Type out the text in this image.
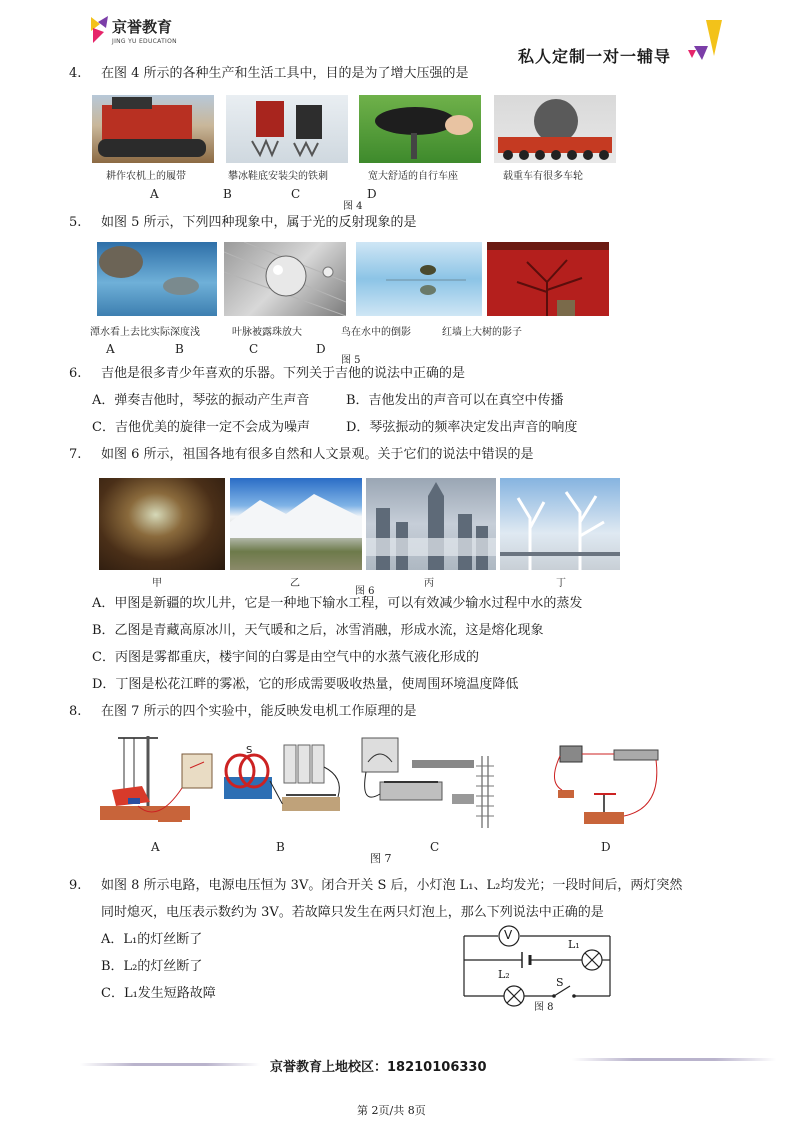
京誉教育
JING YU EDUCATION
私人定制一对一辅导
4. 在图 4 所示的各种生产和生活工具中，目的是为了增大压强的是
耕作农机上的履带	攀冰鞋底安装尖的铁刺	宽大舒适的自行车座	载重车有很多车轮
A	B	C	D
图 4
5. 如图 5 所示，下列四种现象中，属于光的反射现象的是
潭水看上去比实际深度浅	叶脉被露珠放大	鸟在水中的倒影	红墙上大树的影子
A	B	C	D
图 5
6. 吉他是很多青少年喜欢的乐器。下列关于吉他的说法中正确的是
A．弹奏吉他时，琴弦的振动产生声音	B．吉他发出的声音可以在真空中传播
C．吉他优美的旋律一定不会成为噪声	D．琴弦振动的频率决定发出声音的响度
7. 如图 6 所示，祖国各地有很多自然和人文景观。关于它们的说法中错误的是
甲	乙	丙	丁
图 6
A．甲图是新疆的坎儿井，它是一种地下输水工程，可以有效减少输水过程中水的蒸发
B．乙图是青藏高原冰川，天气暖和之后，冰雪消融，形成水流，这是熔化现象
C．丙图是雾都重庆，楼宇间的白雾是由空气中的水蒸气液化形成的
D．丁图是松花江畔的雾凇，它的形成需要吸收热量，使周围环境温度降低
8. 在图 7 所示的四个实验中，能反映发电机工作原理的是
S
A	B	C	D
图 7
9. 如图 8 所示电路，电源电压恒为 3V。闭合开关 S 后，小灯泡 L₁、L₂均发光；一段时间后，两灯突然
同时熄灭，电压表示数约为 3V。若故障只发生在两只灯泡上，那么下列说法中正确的是
A．L₁的灯丝断了
B．L₂的灯丝断了
C．L₁发生短路故障
V
L₁
L₂
S
图 8
京誉教育上地校区：18210106330
第 2页/共 8页
